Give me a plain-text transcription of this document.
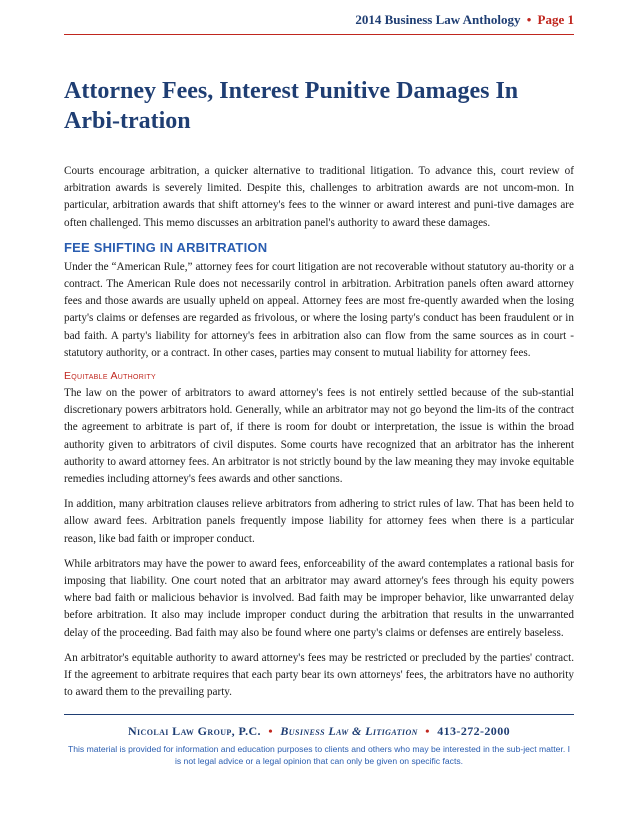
2014 Business Law Anthology • Page 1
Attorney Fees, Interest Punitive Damages In Arbi-tration

Courts encourage arbitration, a quicker alternative to traditional litigation. To advance this, court review of arbitration awards is severely limited. Despite this, challenges to arbitration awards are not uncom-mon. In particular, arbitration awards that shift attorney's fees to the winner or award interest and puni-tive damages are often challenged. This memo discusses an arbitration panel's authority to award these damages.

FEE SHIFTING IN ARBITRATION

Under the “American Rule,” attorney fees for court litigation are not recoverable without statutory au-thority or a contract. The American Rule does not necessarily control in arbitration. Arbitration panels often award attorney fees and those awards are usually upheld on appeal. Attorney fees are most fre-quently awarded when the losing party's claims or defenses are regarded as frivolous, or where the losing party's conduct has been fraudulent or in bad faith. A party's liability for attorney's fees in arbitration also can flow from the same sources as in court - statutory authority, or a contract. In other cases, parties may consent to mutual liability for attorney fees.

Equitable Authority

The law on the power of arbitrators to award attorney's fees is not entirely settled because of the sub-stantial discretionary powers arbitrators hold. Generally, while an arbitrator may not go beyond the lim-its of the contract the agreement to arbitrate is part of, if there is room for doubt or interpretation, the issue is within the broad authority given to arbitrators of civil disputes. Some courts have recognized that an arbitrator has the inherent authority to award attorney fees. An arbitrator is not strictly bound by the law meaning they may invoke equitable remedies including attorney's fees awards and other sanctions.

In addition, many arbitration clauses relieve arbitrators from adhering to strict rules of law. That has been held to allow award fees. Arbitration panels frequently impose liability for attorney fees when there is a particular reason, like bad faith or improper conduct.

While arbitrators may have the power to award fees, enforceability of the award contemplates a rational basis for imposing that liability. One court noted that an arbitrator may award attorney's fees through his equity powers where bad faith or malicious behavior is involved. Bad faith may be improper behavior, like unwarranted delay before arbitration. It also may include improper conduct during the arbitration that results in the unwarranted delay of the proceeding. Bad faith may also be found where one party's claims or defenses are entirely baseless.

An arbitrator's equitable authority to award attorney's fees may be restricted or precluded by the parties' contract. If the agreement to arbitrate requires that each party bear its own attorneys' fees, the arbitrators have no authority to award them to the prevailing party.

Nicolai Law Group, P.C. • Business Law & Litigation • 413-272-2000
This material is provided for information and education purposes to clients and others who may be interested in the sub-ject matter. I is not legal advice or a legal opinion that can only be given on specific facts.
